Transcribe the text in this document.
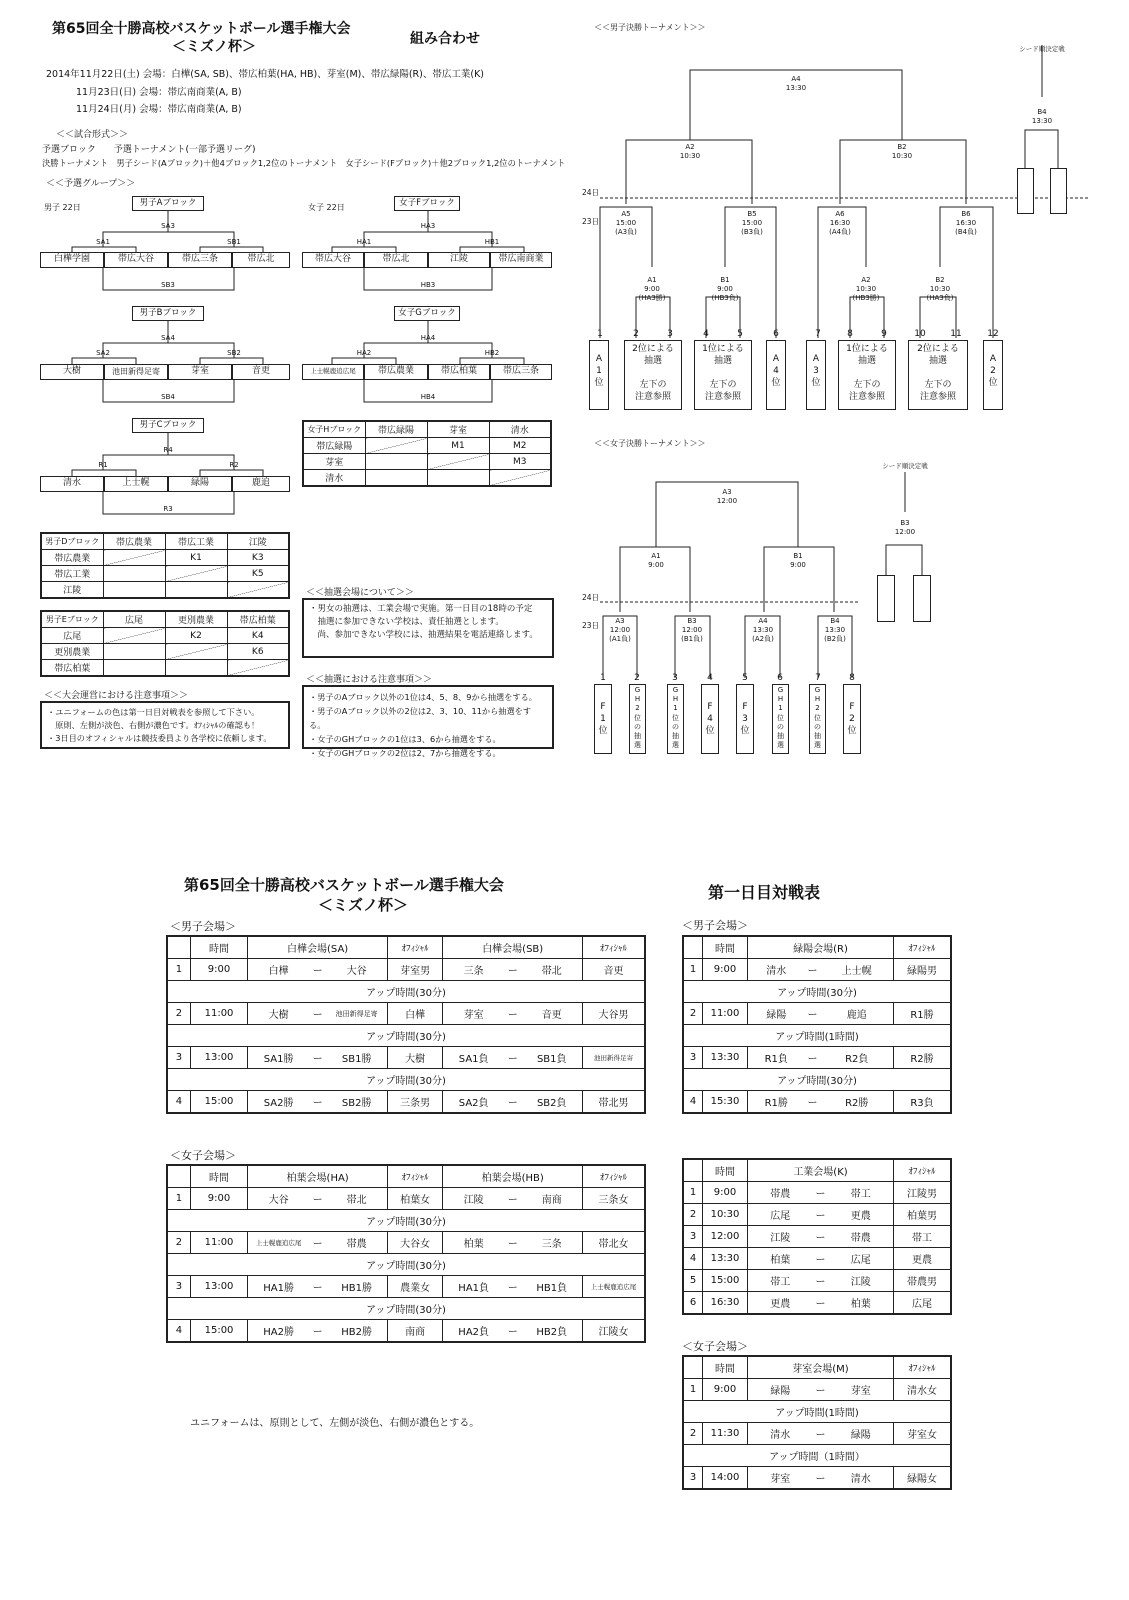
第65回全十勝高校バスケットボール選手権大会
＜ミズノ杯＞	組み合わせ
2014年11月22日(土) 会場：白樺(SA, SB)、帯広柏葉(HA, HB)、芽室(M)、帯広緑陽(R)、帯広工業(K)
11月23日(日) 会場：帯広南商業(A, B)
11月24日(月) 会場：帯広南商業(A, B)
＜＜試合形式＞＞
予選ブロック　　予選トーナメント(一部予選リーグ)
決勝トーナメント　男子シード(Aブロック)＋他4ブロック1,2位のトーナメント　女子シード(Fブロック)＋他2ブロック1,2位のトーナメント
＜＜予選グループ＞＞
男子 22日	女子 22日
男子Aブロック
SA3
SA1	SB1
白樺学園	帯広大谷	帯広三条	帯広北
SB3
男子Bブロック
SA4
SA2	SB2
大樹	池田新得足寄	芽室	音更
SB4
男子Cブロック
R4
R1	R2
清水	上士幌	緑陽	鹿追
R3
女子Fブロック
HA3
HA1	HB1
帯広大谷	帯広北	江陵	帯広南商業
HB3
女子Gブロック
HA4
HA2	HB2
上士幌鹿追広尾	帯広農業	帯広柏葉	帯広三条
HB4
女子Hブロック	帯広緑陽	芽室	清水
帯広緑陽		M1	M2
芽室			M3
清水			
男子Dブロック	帯広農業	帯広工業	江陵
帯広農業		K1	K3
帯広工業			K5
江陵			
男子Eブロック	広尾	更別農業	帯広柏葉
広尾		K2	K4
更別農業			K6
帯広柏葉			
＜＜抽選会場について＞＞
・男女の抽選は、工業会場で実施。第一日目の18時の予定
　抽選に参加できない学校は、責任抽選とします。
　尚、参加できない学校には、抽選結果を電話連絡します。
＜＜抽選における注意事項＞＞
・男子のAブロック以外の1位は4、5、8、9から抽選をする。
・男子のAブロック以外の2位は2、3、10、11から抽選をする。
・女子のGHブロックの1位は3、6から抽選をする。
・女子のGHブロックの2位は2、7から抽選をする。
＜＜大会運営における注意事項＞＞
・ユニフォームの色は第一日目対戦表を参照して下さい。
　原則、左側が淡色、右側が濃色です。ｵﾌｨｼｬﾙの確認も！
・3日目のオフィシャルは競技委員より各学校に依頼します。
＜＜男子決勝トーナメント＞＞
シード順決定戦
24日
23日
A4
13:30
B4
13:30
A2
10:30
B2
10:30
A5
15:00
(A3負)
B5
15:00
(B3負)
A6
16:30
(A4負)
B6
16:30
(B4負)
A1
9:00
(HA3勝)
B1
9:00
(HB3負)
A2
10:30
(HB3勝)
B2
10:30
(HA3負)
1	2	3	4	5	6	7	8	9	10	11	12
A
1
位
2位による
抽選

左下の
注意参照
1位による
抽選

左下の
注意参照
A
4
位
A
3
位
1位による
抽選

左下の
注意参照
2位による
抽選

左下の
注意参照
A
2
位
＜＜女子決勝トーナメント＞＞
シード順決定戦
24日
23日
A3
12:00
B3
12:00
A1
9:00
B1
9:00
A3
12:00
(A1負)
B3
12:00
(B1負)
A4
13:30
(A2負)
B4
13:30
(B2負)
1	2	3	4	5	6	7	8
F
1
位
G
H
2
位
の
抽
選
G
H
1
位
の
抽
選
F
4
位
F
3
位
G
H
1
位
の
抽
選
G
H
2
位
の
抽
選
F
2
位
第65回全十勝高校バスケットボール選手権大会
＜ミズノ杯＞
第一日目対戦表
＜男子会場＞	＜男子会場＞
	時間	白樺会場(SA)			ｵﾌｨｼｬﾙ	白樺会場(SB)			ｵﾌｨｼｬﾙ
1	9:00	白樺	ー	大谷	芽室男	三条	ー	帯北	音更
アップ時間(30分)									
2	11:00	大樹	ー	池田新得足寄	白樺	芽室	ー	音更	大谷男
アップ時間(30分)									
3	13:00	SA1勝	ー	SB1勝	大樹	SA1負	ー	SB1負	池田新得足寄
アップ時間(30分)									
4	15:00	SA2勝	ー	SB2勝	三条男	SA2負	ー	SB2負	帯北男
＜女子会場＞
	時間	柏葉会場(HA)			ｵﾌｨｼｬﾙ	柏葉会場(HB)			ｵﾌｨｼｬﾙ
1	9:00	大谷	ー	帯北	柏葉女	江陵	ー	南商	三条女
アップ時間(30分)									
2	11:00	上士幌鹿追広尾	ー	帯農	大谷女	柏葉	ー	三条	帯北女
アップ時間(30分)									
3	13:00	HA1勝	ー	HB1勝	農業女	HA1負	ー	HB1負	上士幌鹿追広尾
アップ時間(30分)									
4	15:00	HA2勝	ー	HB2勝	南商	HA2負	ー	HB2負	江陵女
ユニフォームは、原則として、左側が淡色、右側が濃色とする。
	時間	緑陽会場(R)			ｵﾌｨｼｬﾙ
1	9:00	清水	ー	上士幌	緑陽男
アップ時間(30分)					
2	11:00	緑陽	ー	鹿追	R1勝
アップ時間(1時間)					
3	13:30	R1負	ー	R2負	R2勝
アップ時間(30分)					
4	15:30	R1勝	ー	R2勝	R3負
	時間	工業会場(K)			ｵﾌｨｼｬﾙ
1	9:00	帯農	ー	帯工	江陵男
2	10:30	広尾	ー	更農	柏葉男
3	12:00	江陵	ー	帯農	帯工
4	13:30	柏葉	ー	広尾	更農
5	15:00	帯工	ー	江陵	帯農男
6	16:30	更農	ー	柏葉	広尾
＜女子会場＞
	時間	芽室会場(M)			ｵﾌｨｼｬﾙ
1	9:00	緑陽	ー	芽室	清水女
アップ時間(1時間)					
2	11:30	清水	ー	緑陽	芽室女
アップ時間（1時間）					
3	14:00	芽室	ー	清水	緑陽女
